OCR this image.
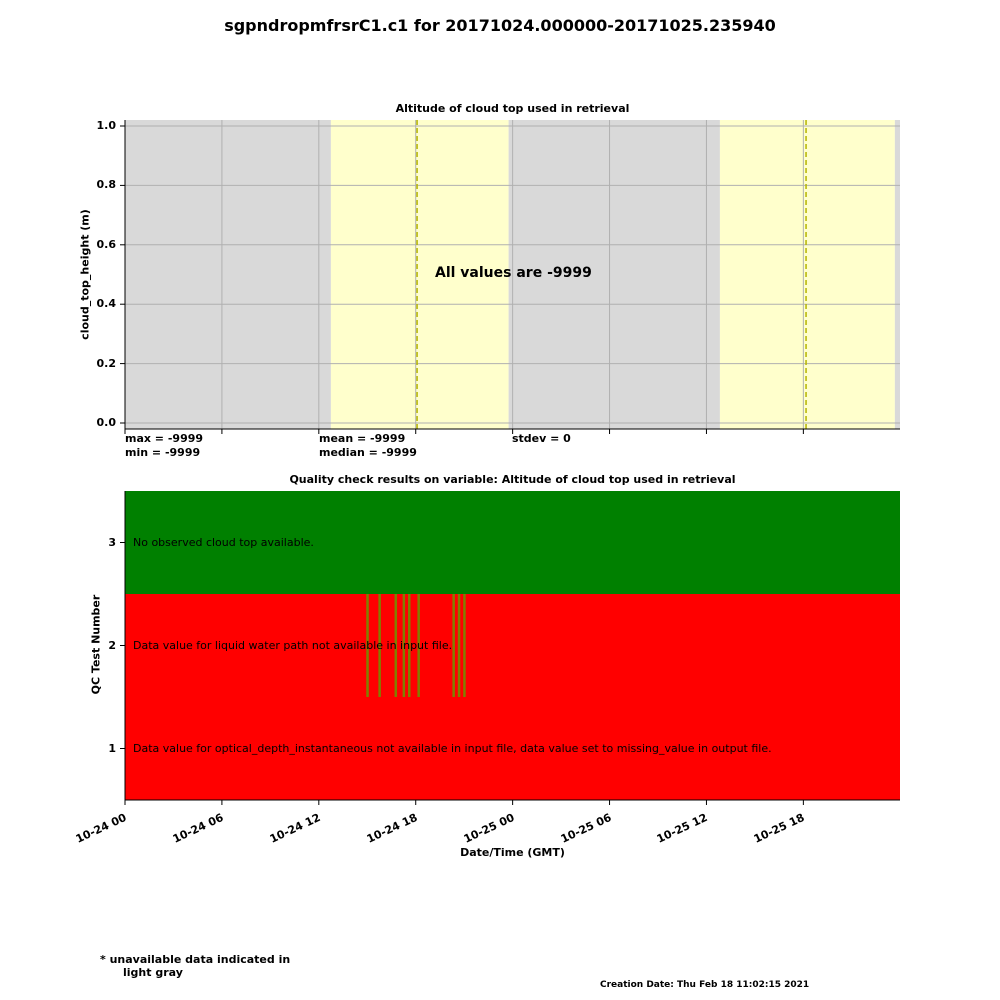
sgpndropmfrsrC1.c1 for 20171024.000000-20171025.235940
Altitude of cloud top used in retrieval
cloud_top_height (m)
0.0
0.2
0.4
0.6
0.8
1.0
All values are -9999
max = -9999
min = -9999
mean = -9999
median = -9999
stdev = 0
Quality check results on variable: Altitude of cloud top used in retrieval
QC Test Number
3 No observed cloud top available.
2 Data value for liquid water path not available in input file.
1 Data value for optical_depth_instantaneous not available in input file, data value set to missing_value in output file.
10-24 00	10-24 06	10-24 12	10-24 18	10-25 00	10-25 06	10-25 12	10-25 18
Date/Time (GMT)
* unavailable data indicated in
light gray
Creation Date: Thu Feb 18 11:02:15 2021
